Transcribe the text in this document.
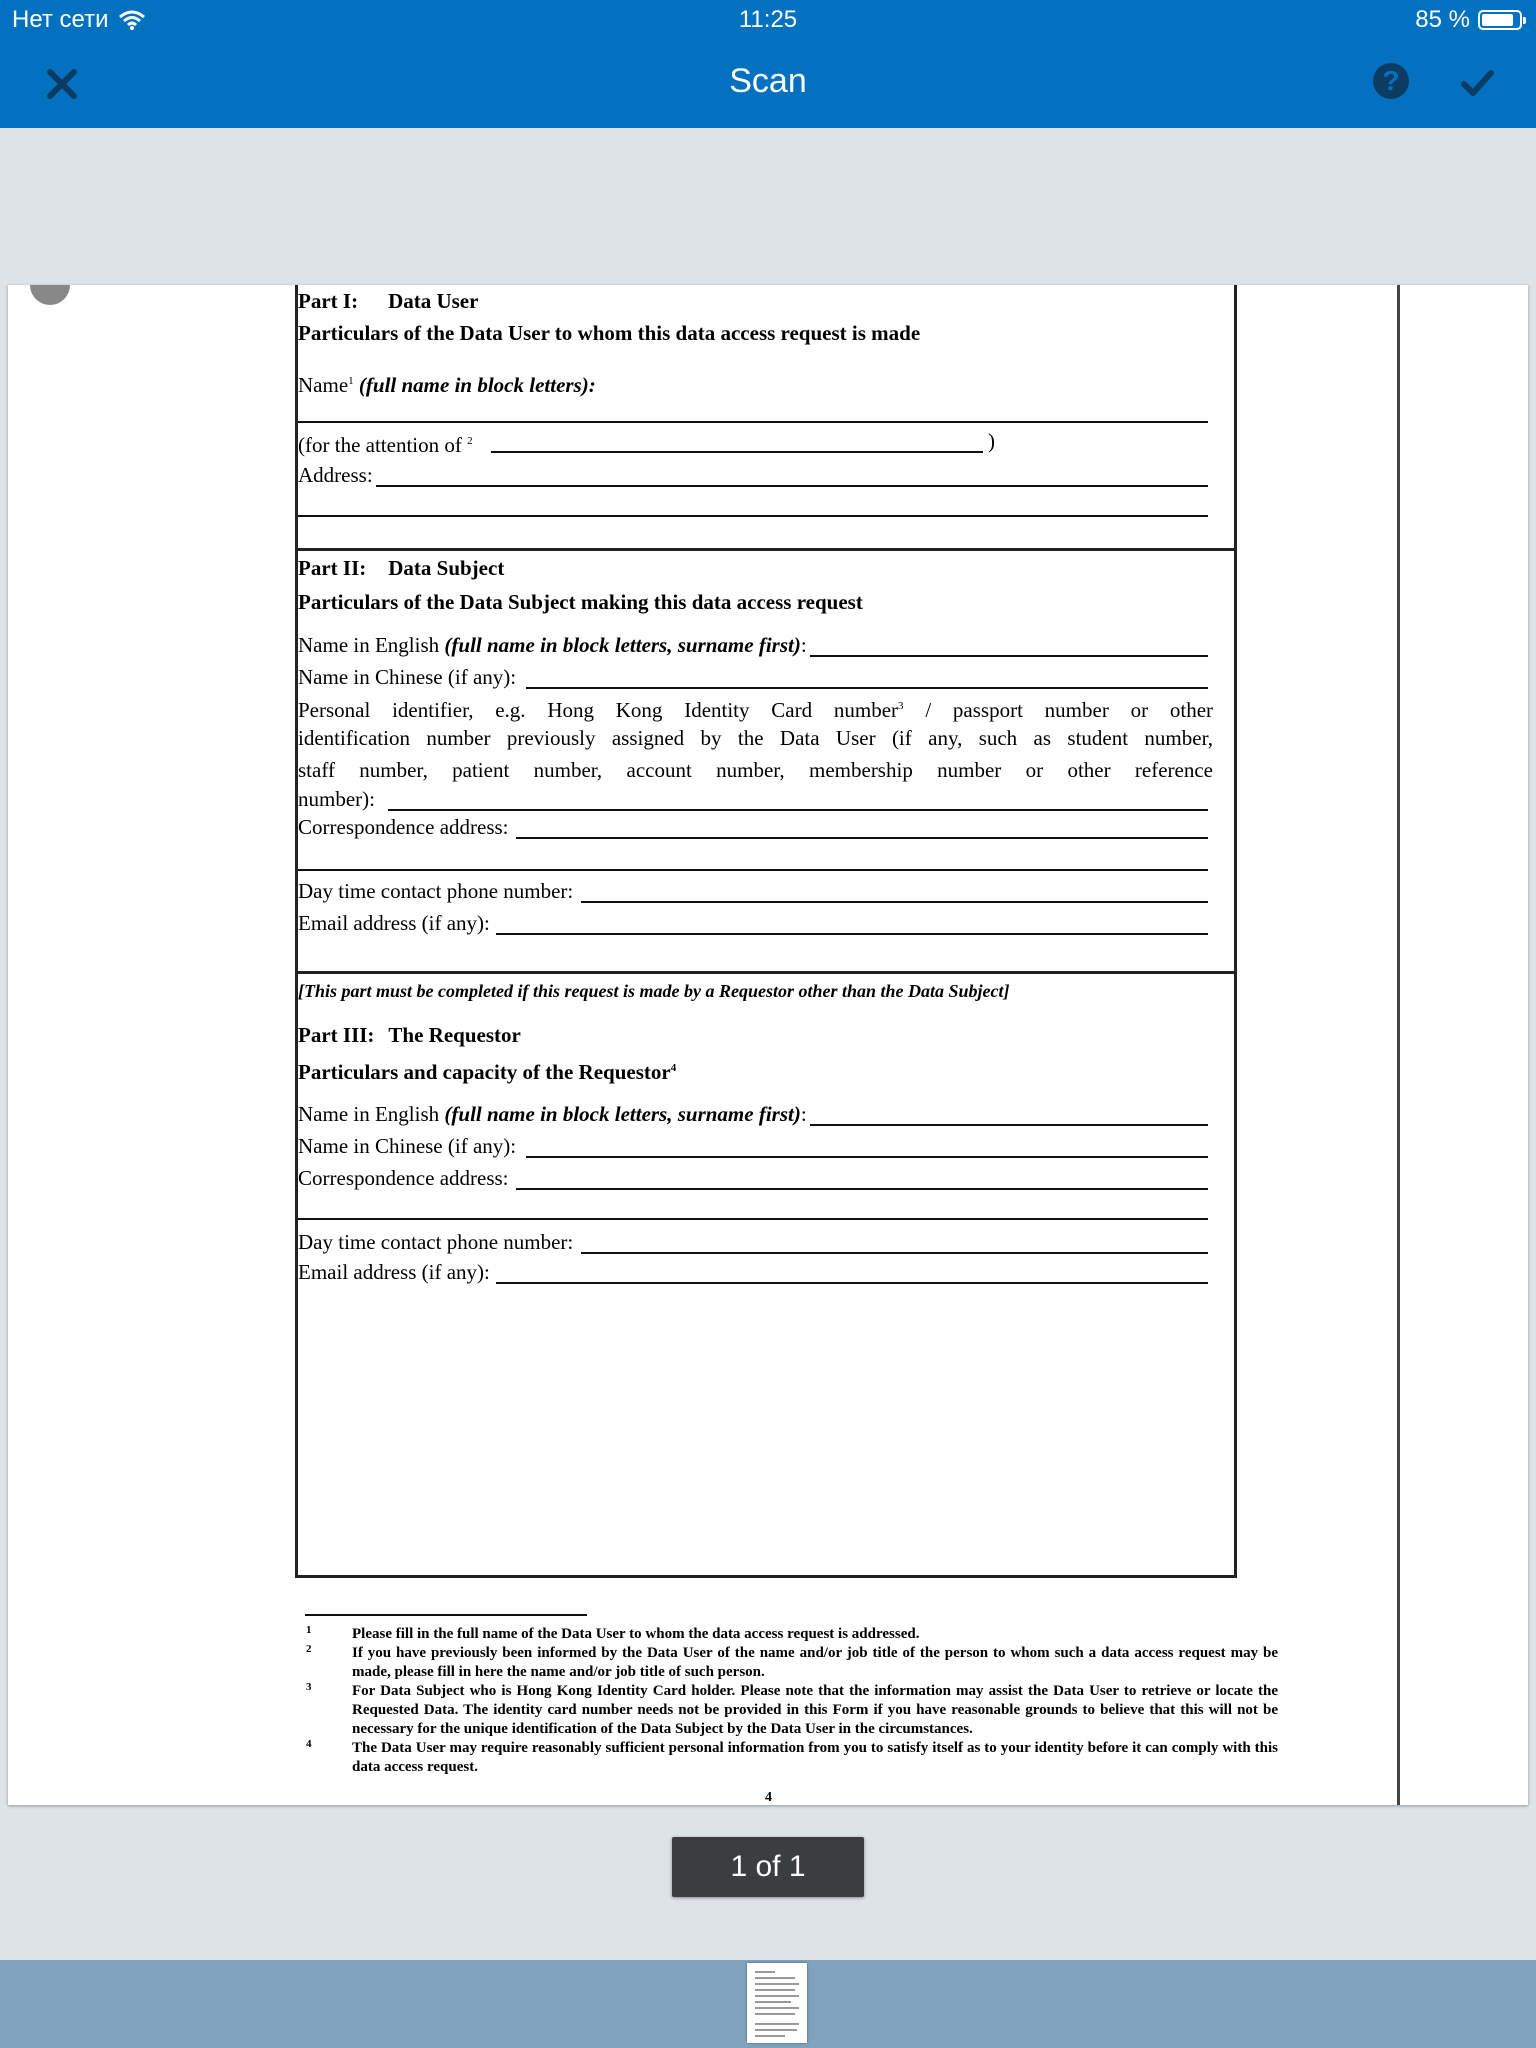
Нет сети	11:25	85 %
Scan	?
Part I: Data User
Particulars of the Data User to whom this data access request is made
Name$^1$ (full name in block letters):
(for the attention of $^2$	)
Address:
Part II: Data Subject
Particulars of the Data Subject making this data access request
Name in English (full name in block letters, surname first):
Name in Chinese (if any):
Personal identifier, e.g. Hong Kong Identity Card number$^3$ / passport number or other
identification number previously assigned by the Data User (if any, such as student number,
staff number, patient number, account number, membership number or other reference
number):
Correspondence address:
Day time contact phone number:
Email address (if any):
[This part must be completed if this request is made by a Requestor other than the Data Subject]
Part III: The Requestor
Particulars and capacity of the Requestor$^4$
Name in English (full name in block letters, surname first):
Name in Chinese (if any):
Correspondence address:
Day time contact phone number:
Email address (if any):
1	Please fill in the full name of the Data User to whom the data access request is addressed.
2	If you have previously been informed by the Data User of the name and/or job title of the person to whom such a data access request may be made, please fill in here the name and/or job title of such person.
3	For Data Subject who is Hong Kong Identity Card holder. Please note that the information may assist the Data User to retrieve or locate the Requested Data. The identity card number needs not be provided in this Form if you have reasonable grounds to believe that this will not be necessary for the unique identification of the Data Subject by the Data User in the circumstances.
4	The Data User may require reasonably sufficient personal information from you to satisfy itself as to your identity before it can comply with this data access request.
4
1 of 1
